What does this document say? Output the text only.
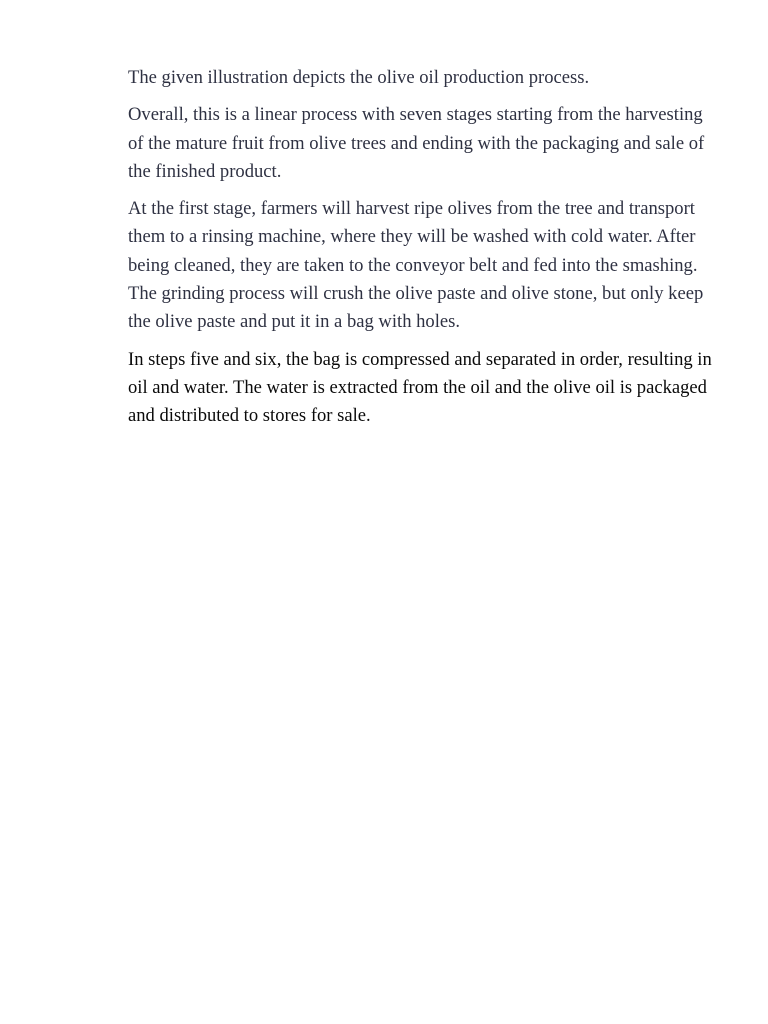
The given illustration depicts the olive oil production process.

Overall, this is a linear process with seven stages starting from the harvesting of the mature fruit from olive trees and ending with the packaging and sale of the finished product.

At the first stage, farmers will harvest ripe olives from the tree and transport them to a rinsing machine, where they will be washed with cold water. After being cleaned, they are taken to the conveyor belt and fed into the smashing. The grinding process will crush the olive paste and olive stone, but only keep the olive paste and put it in a bag with holes.

In steps five and six, the bag is compressed and separated in order, resulting in oil and water. The water is extracted from the oil and the olive oil is packaged and distributed to stores for sale.
